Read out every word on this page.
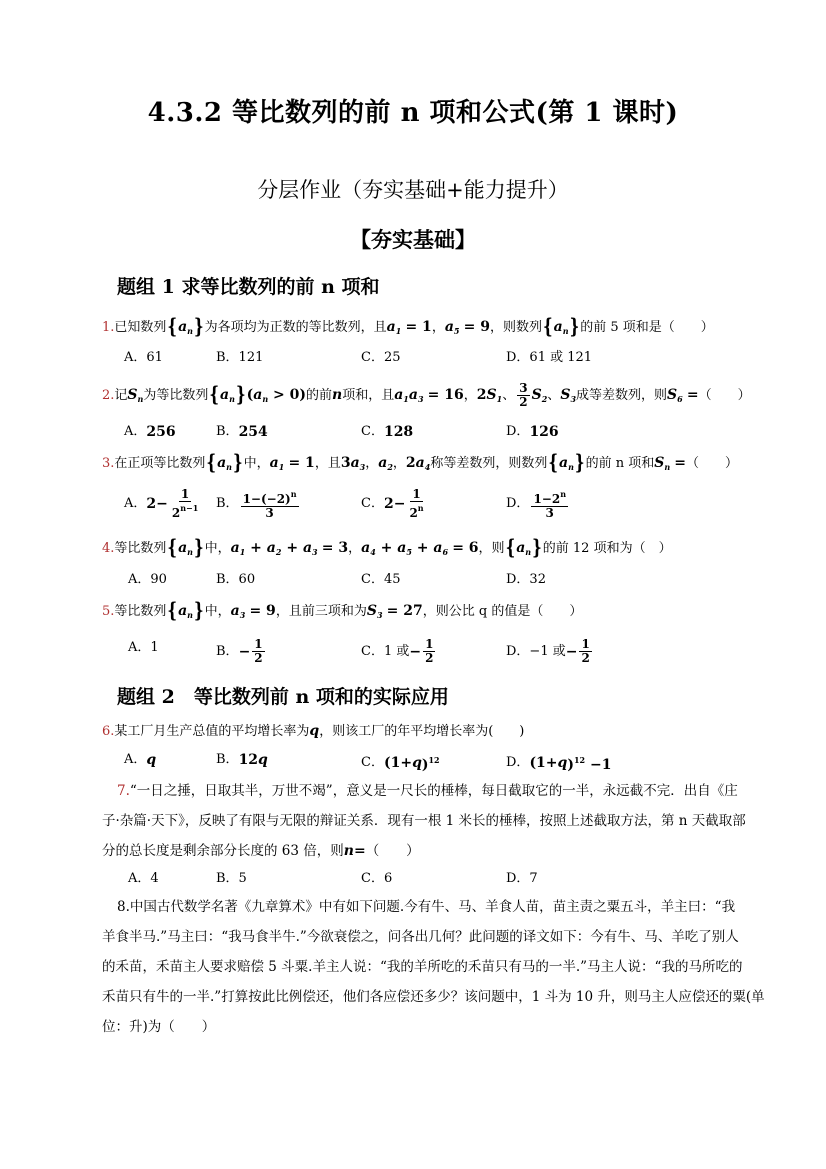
4.3.2 等比数列的前 n 项和公式(第 1 课时)
分层作业（夯实基础+能力提升）
【夯实基础】
题组 1 求等比数列的前 n 项和
1.已知数列$\{a_n\}$为各项均为正数的等比数列，且$a_1 = 1$，$a_5 = 9$，则数列$\{a_n\}$的前 5 项和是（　　）
A．61	B．121	C．25	D．61 或 121
2.记$S_n$为等比数列$\{a_n\}(a_n > 0)$的前n项和，且$a_1a_3 = 16$，$2S_1$、 $\frac{3}{2} S_2$、$S_3$成等差数列，则$S_6$ =（　　）
A． 256	B． 254	C． 128	D． 126
3.在正项等比数列$\{a_n\}$中，$a_1 = 1$，且$3a_3$，$a_2$，$2a_4$称等差数列，则数列$\{a_n\}$的前 n 项和$S_n$ =（　　）
A． $2- \frac{1}{2^{n-1}}$ B． $\frac{1-(-2)^n}{3}$	C． $2- \frac{1}{2^n}$	D． $\frac{1-2^n}{3}$
4.等比数列$\{a_n\}$中，$a_1 + a_2 + a_3 = 3$，$a_4 + a_5 + a_6 = 6$，则$\{a_n\}$的前 12 项和为（　）
A．90	B．60	C．45	D．32
5.等比数列$\{a_n\}$中，$a_3 = 9$，且前三项和为$S_3 = 27$，则公比 q 的值是（　　）
A．1	B． − $\frac{1}{2}$	C．1 或 − $\frac{1}{2}$	D．−1 或 − $\frac{1}{2}$
题组 2　等比数列前 n 项和的实际应用
6.某工厂月生产总值的平均增长率为q，则该工厂的年平均增长率为(　　)
A． q	B． 12 q	C． (1+ q )$^{12}$	D． (1+ q )$^{12}$ −1
7.“一日之捶，日取其半，万世不竭”，意义是一尺长的棰棒，每日截取它的一半，永远截不完．出自《庄
子·杂篇·天下》，反映了有限与无限的辩证关系．现有一根 1 米长的棰棒，按照上述截取方法，第 n 天截取部
分的总长度是剩余部分长度的 63 倍，则n=（　　）
A．4	B．5	C．6	D．7
8.中国古代数学名著《九章算术》中有如下问题.今有牛、马、羊食人苗，苗主责之粟五斗，羊主曰：“我
羊食半马.”马主曰：“我马食半牛.”今欲衰偿之，问各出几何？此问题的译文如下：今有牛、马、羊吃了别人
的禾苗，禾苗主人要求赔偿 5 斗粟.羊主人说：“我的羊所吃的禾苗只有马的一半.”马主人说：“我的马所吃的
禾苗只有牛的一半.”打算按此比例偿还，他们各应偿还多少？该问题中，1 斗为 10 升，则马主人应偿还的粟(单
位：升)为（　　）
